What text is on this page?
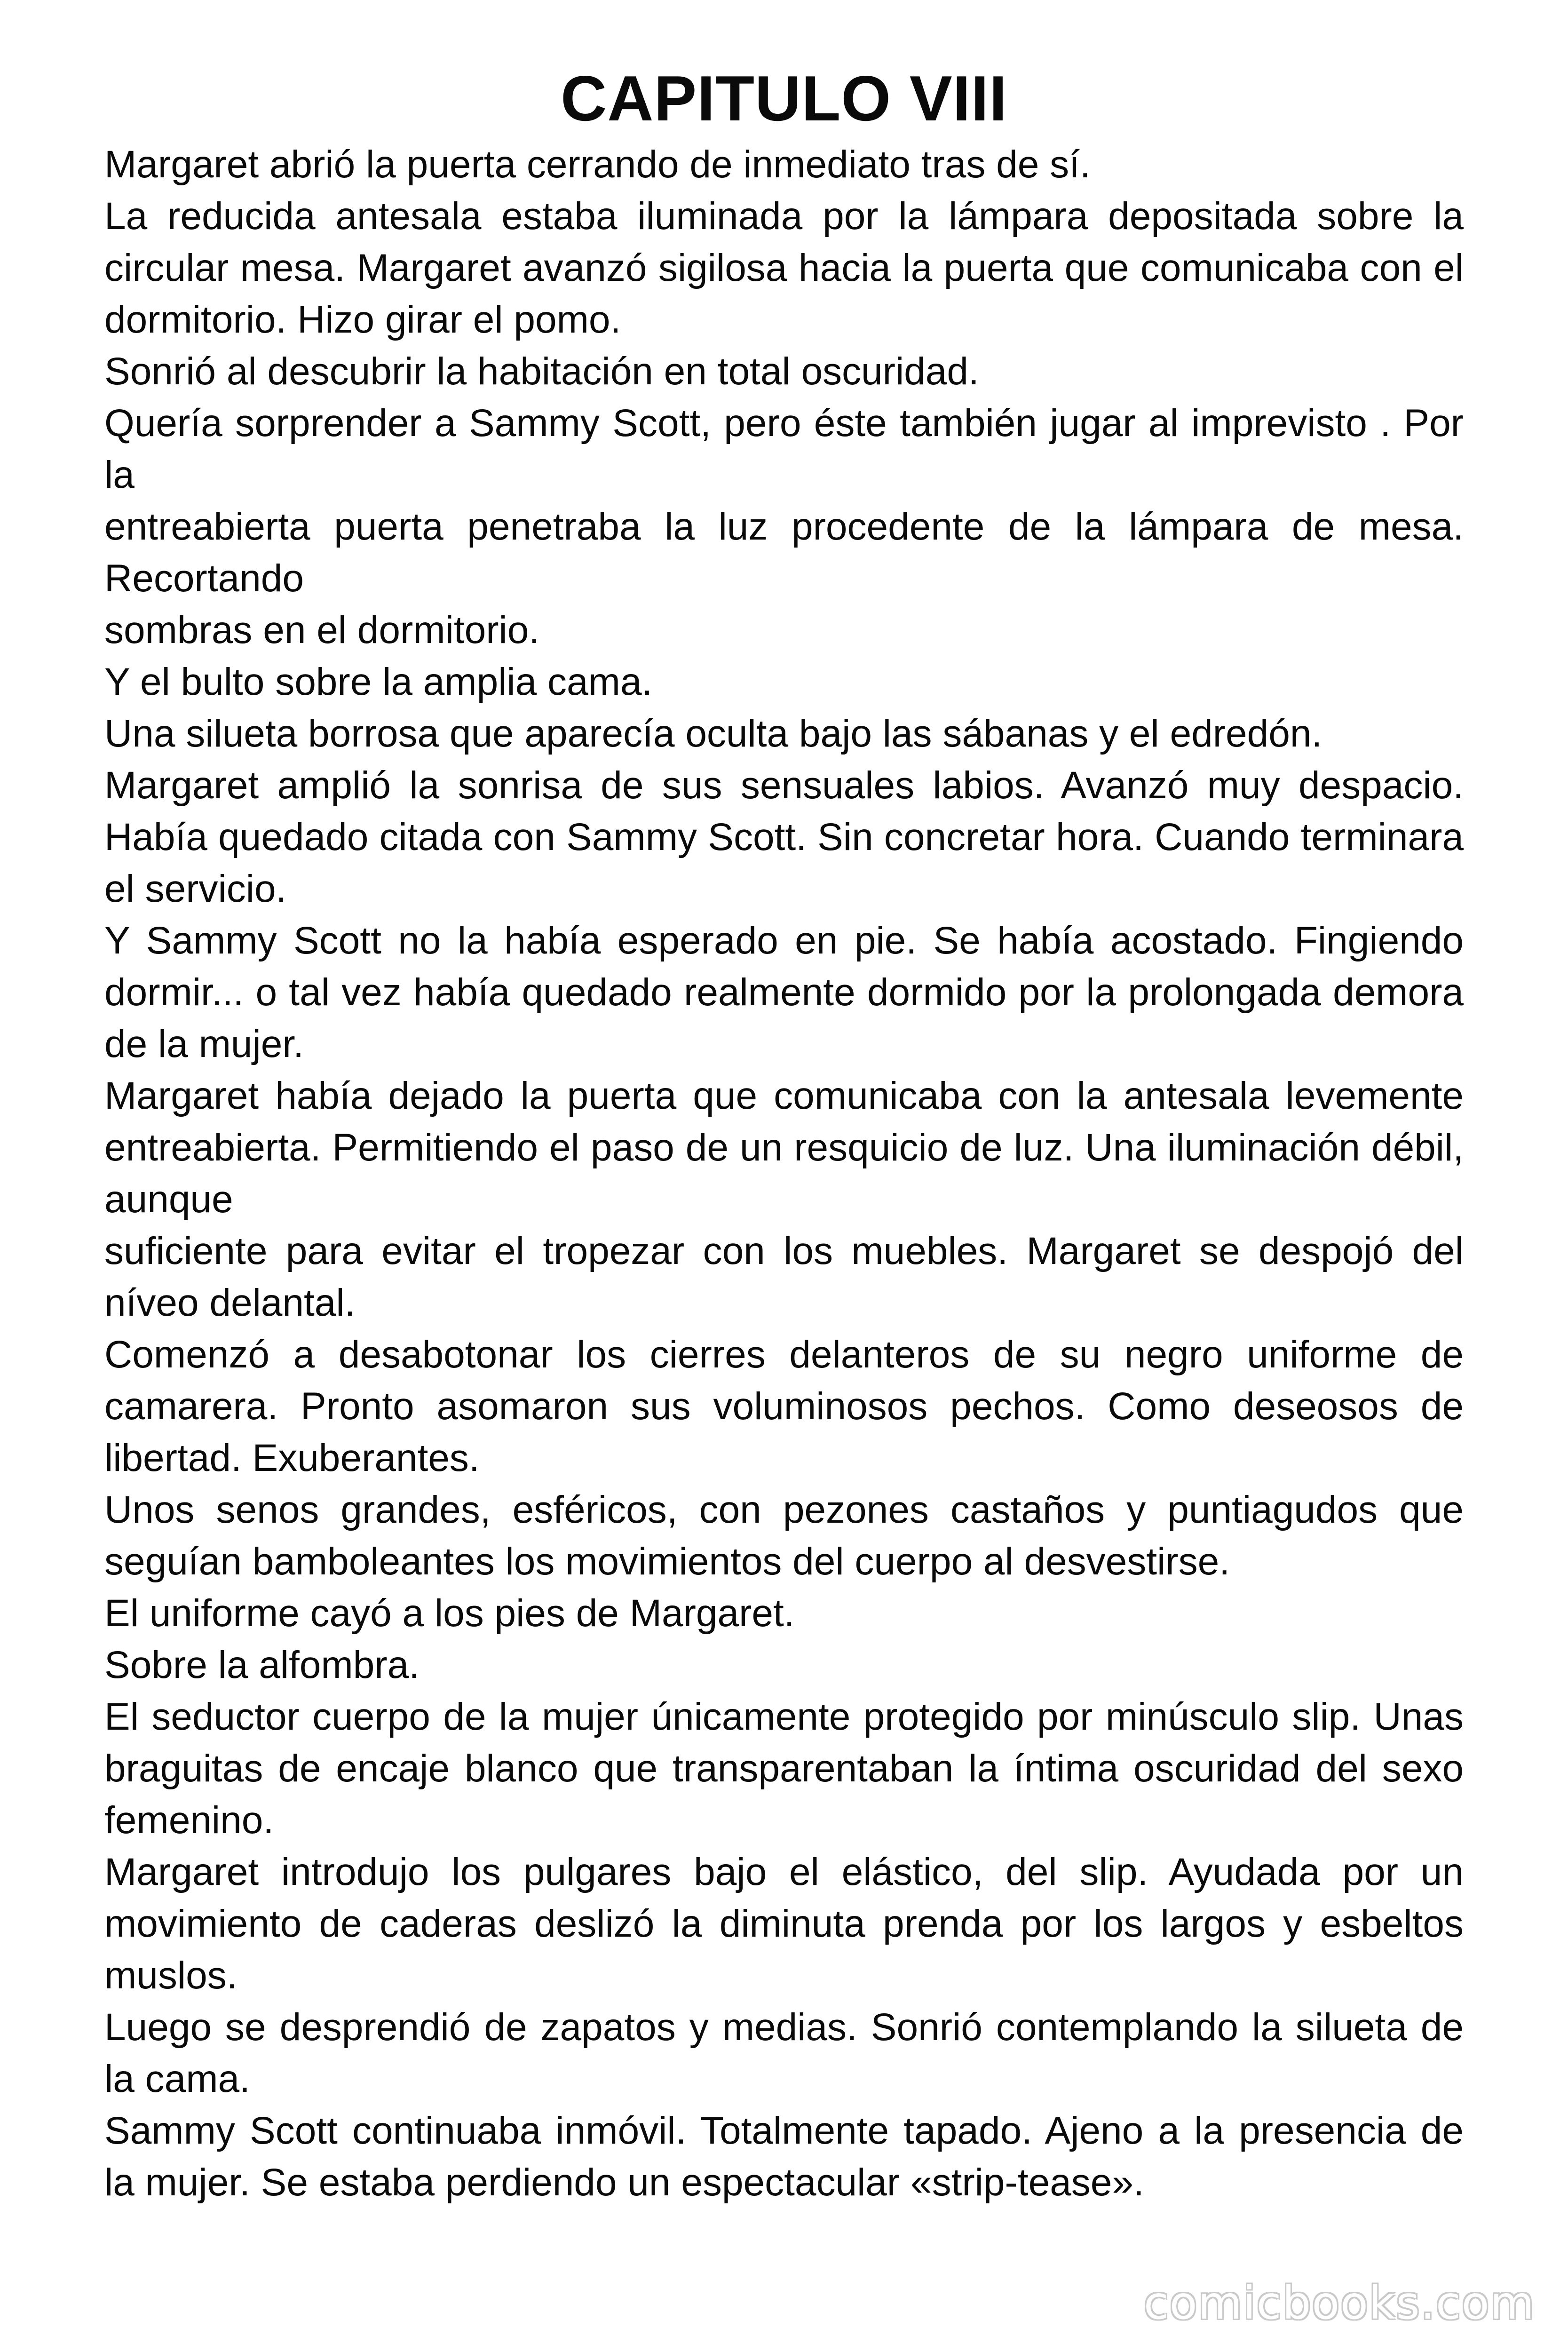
CAPITULO VIII

Margaret abrió la puerta cerrando de inmediato tras de sí.

La reducida antesala estaba iluminada por la lámpara depositada sobre la circular mesa. Margaret avanzó sigilosa hacia la puerta que comunicaba con el dormitorio. Hizo girar el pomo.

Sonrió al descubrir la habitación en total oscuridad.

Quería sorprender a Sammy Scott, pero éste también jugar al imprevisto . Por la

entreabierta puerta penetraba la luz procedente de la lámpara de mesa. Recortando

sombras en el dormitorio.

Y el bulto sobre la amplia cama.

Una silueta borrosa que aparecía oculta bajo las sábanas y el edredón.

Margaret amplió la sonrisa de sus sensuales labios. Avanzó muy despacio. Había quedado citada con Sammy Scott. Sin concretar hora. Cuando terminara el servicio.

Y Sammy Scott no la había esperado en pie. Se había acostado. Fingiendo dormir... o tal vez había quedado realmente dormido por la prolongada demora de la mujer.

Margaret había dejado la puerta que comunicaba con la antesala levemente entreabierta. Permitiendo el paso de un resquicio de luz. Una iluminación débil, aunque

suficiente para evitar el tropezar con los muebles. Margaret se despojó del níveo delantal.

Comenzó a desabotonar los cierres delanteros de su negro uniforme de camarera. Pronto asomaron sus voluminosos pechos. Como deseosos de libertad. Exuberantes.

Unos senos grandes, esféricos, con pezones castaños y puntiagudos que seguían bamboleantes los movimientos del cuerpo al desvestirse.

El uniforme cayó a los pies de Margaret.

Sobre la alfombra.

El seductor cuerpo de la mujer únicamente protegido por minúsculo slip. Unas braguitas de encaje blanco que transparentaban la íntima oscuridad del sexo femenino.

Margaret introdujo los pulgares bajo el elástico, del slip. Ayudada por un movimiento de caderas deslizó la diminuta prenda por los largos y esbeltos muslos.

Luego se desprendió de zapatos y medias. Sonrió contemplando la silueta de la cama.

Sammy Scott continuaba inmóvil. Totalmente tapado. Ajeno a la presencia de la mujer. Se estaba perdiendo un espectacular «strip-tease».

comicbooks.com
